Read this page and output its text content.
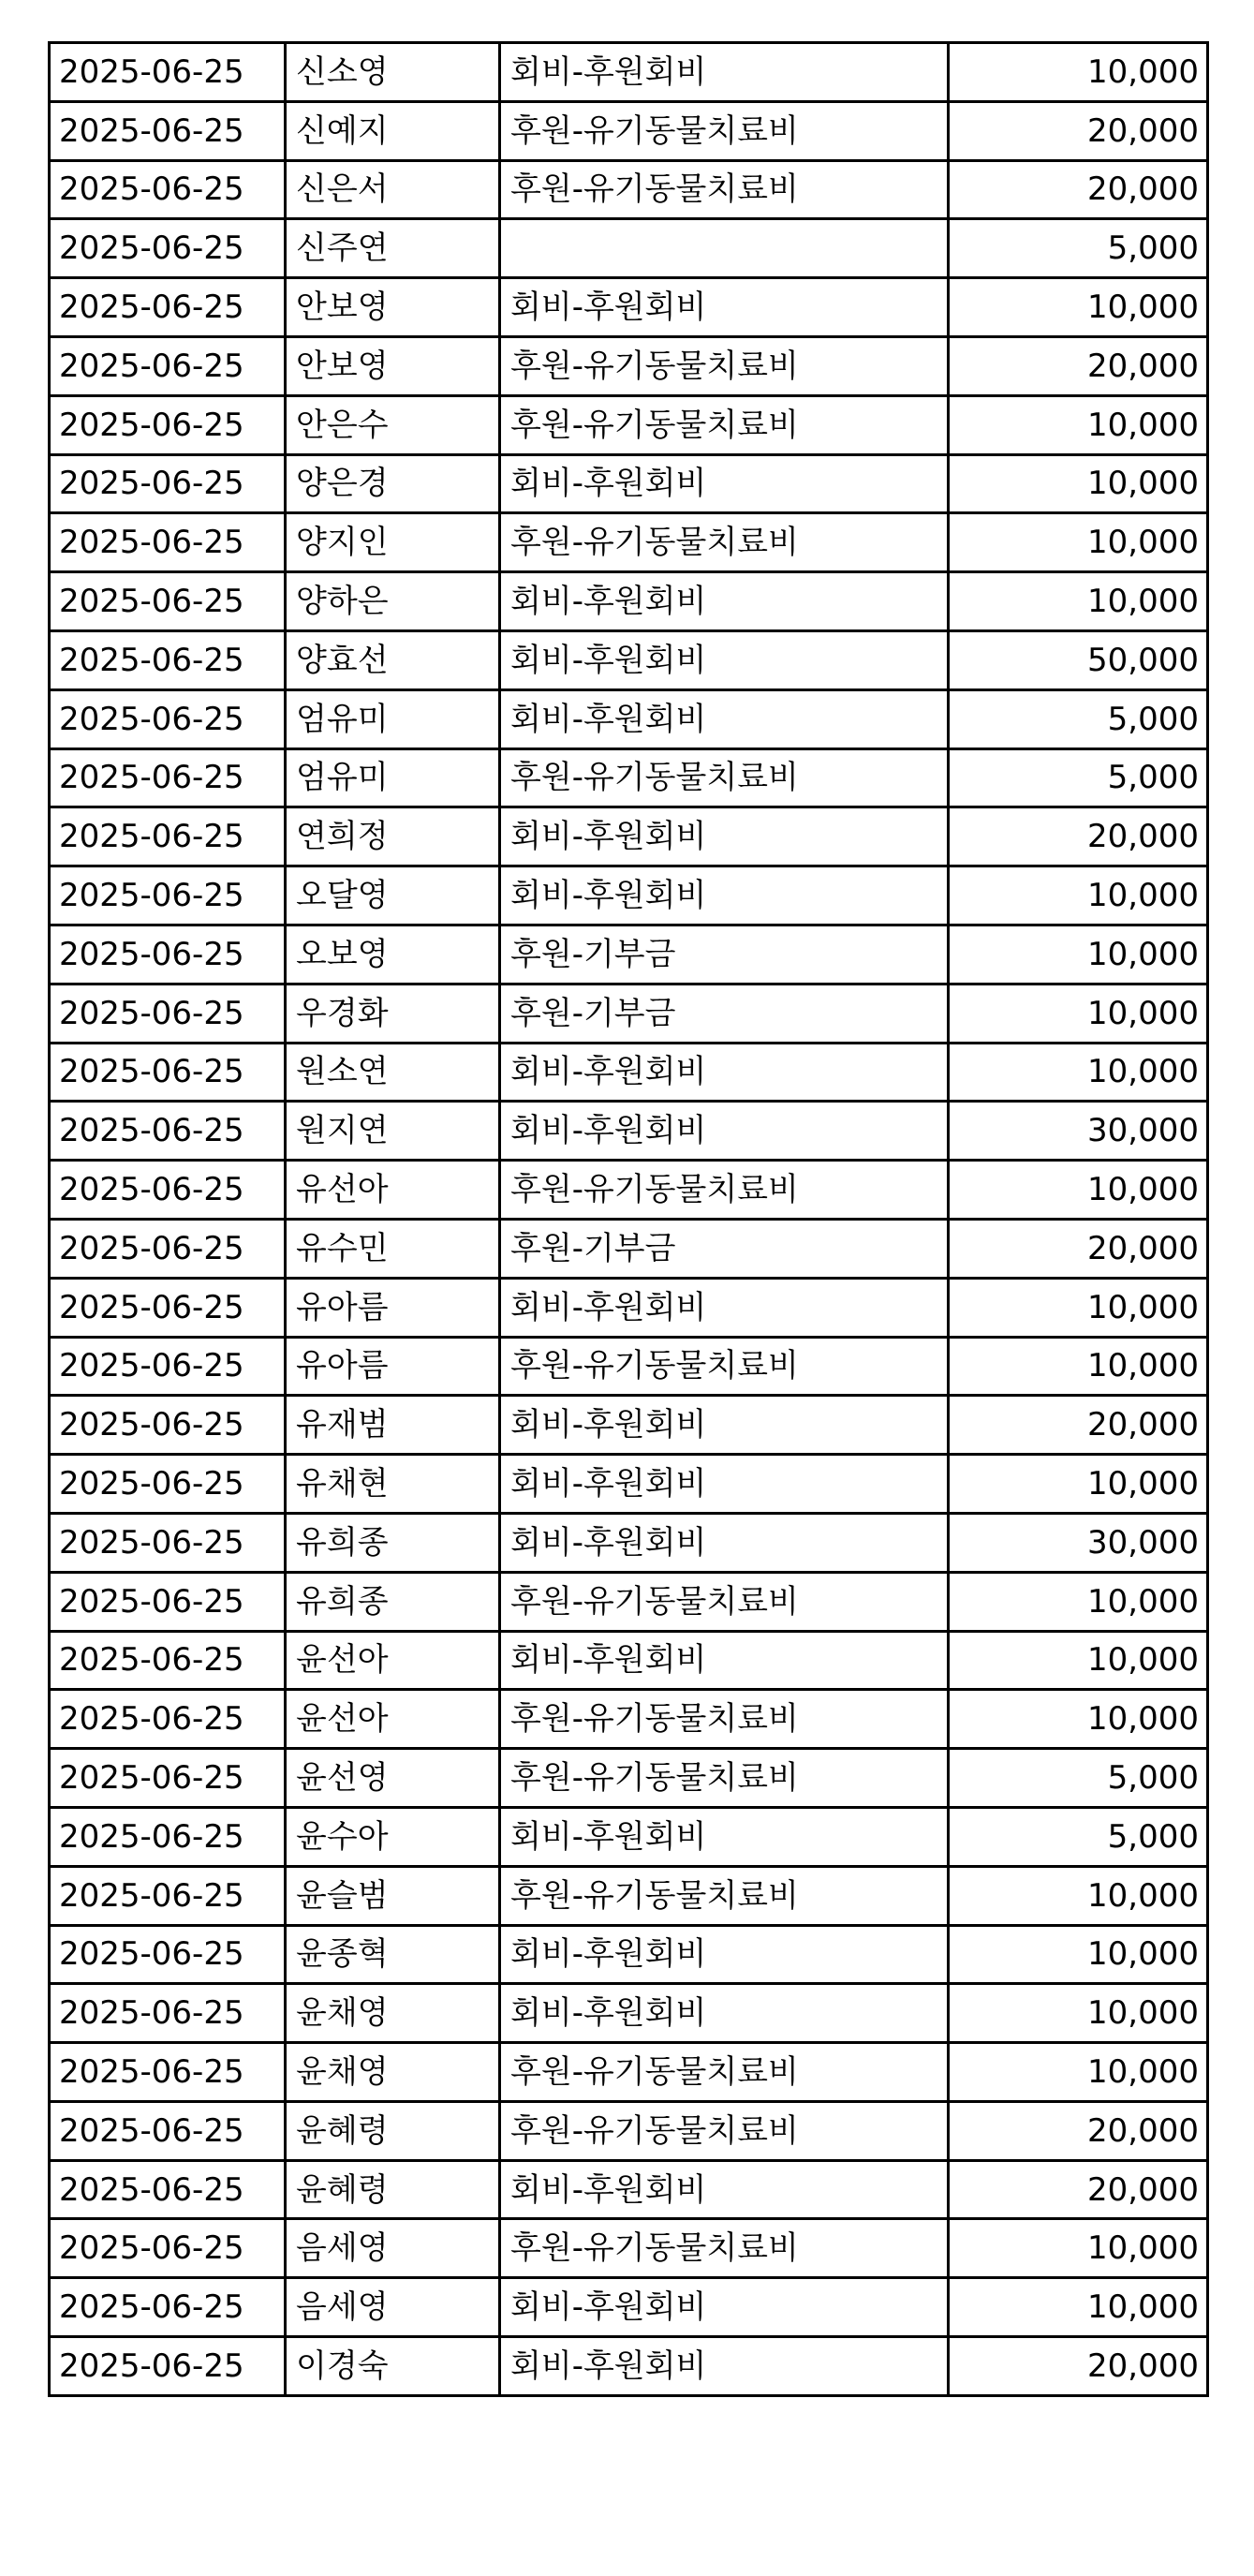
2025-06-25	신소영	회비-후원회비	10,000
2025-06-25	신예지	후원-유기동물치료비	20,000
2025-06-25	신은서	후원-유기동물치료비	20,000
2025-06-25	신주연		5,000
2025-06-25	안보영	회비-후원회비	10,000
2025-06-25	안보영	후원-유기동물치료비	20,000
2025-06-25	안은수	후원-유기동물치료비	10,000
2025-06-25	양은경	회비-후원회비	10,000
2025-06-25	양지인	후원-유기동물치료비	10,000
2025-06-25	양하은	회비-후원회비	10,000
2025-06-25	양효선	회비-후원회비	50,000
2025-06-25	엄유미	회비-후원회비	5,000
2025-06-25	엄유미	후원-유기동물치료비	5,000
2025-06-25	연희정	회비-후원회비	20,000
2025-06-25	오달영	회비-후원회비	10,000
2025-06-25	오보영	후원-기부금	10,000
2025-06-25	우경화	후원-기부금	10,000
2025-06-25	원소연	회비-후원회비	10,000
2025-06-25	원지연	회비-후원회비	30,000
2025-06-25	유선아	후원-유기동물치료비	10,000
2025-06-25	유수민	후원-기부금	20,000
2025-06-25	유아름	회비-후원회비	10,000
2025-06-25	유아름	후원-유기동물치료비	10,000
2025-06-25	유재범	회비-후원회비	20,000
2025-06-25	유채현	회비-후원회비	10,000
2025-06-25	유희종	회비-후원회비	30,000
2025-06-25	유희종	후원-유기동물치료비	10,000
2025-06-25	윤선아	회비-후원회비	10,000
2025-06-25	윤선아	후원-유기동물치료비	10,000
2025-06-25	윤선영	후원-유기동물치료비	5,000
2025-06-25	윤수아	회비-후원회비	5,000
2025-06-25	윤슬범	후원-유기동물치료비	10,000
2025-06-25	윤종혁	회비-후원회비	10,000
2025-06-25	윤채영	회비-후원회비	10,000
2025-06-25	윤채영	후원-유기동물치료비	10,000
2025-06-25	윤혜령	후원-유기동물치료비	20,000
2025-06-25	윤혜령	회비-후원회비	20,000
2025-06-25	음세영	후원-유기동물치료비	10,000
2025-06-25	음세영	회비-후원회비	10,000
2025-06-25	이경숙	회비-후원회비	20,000
